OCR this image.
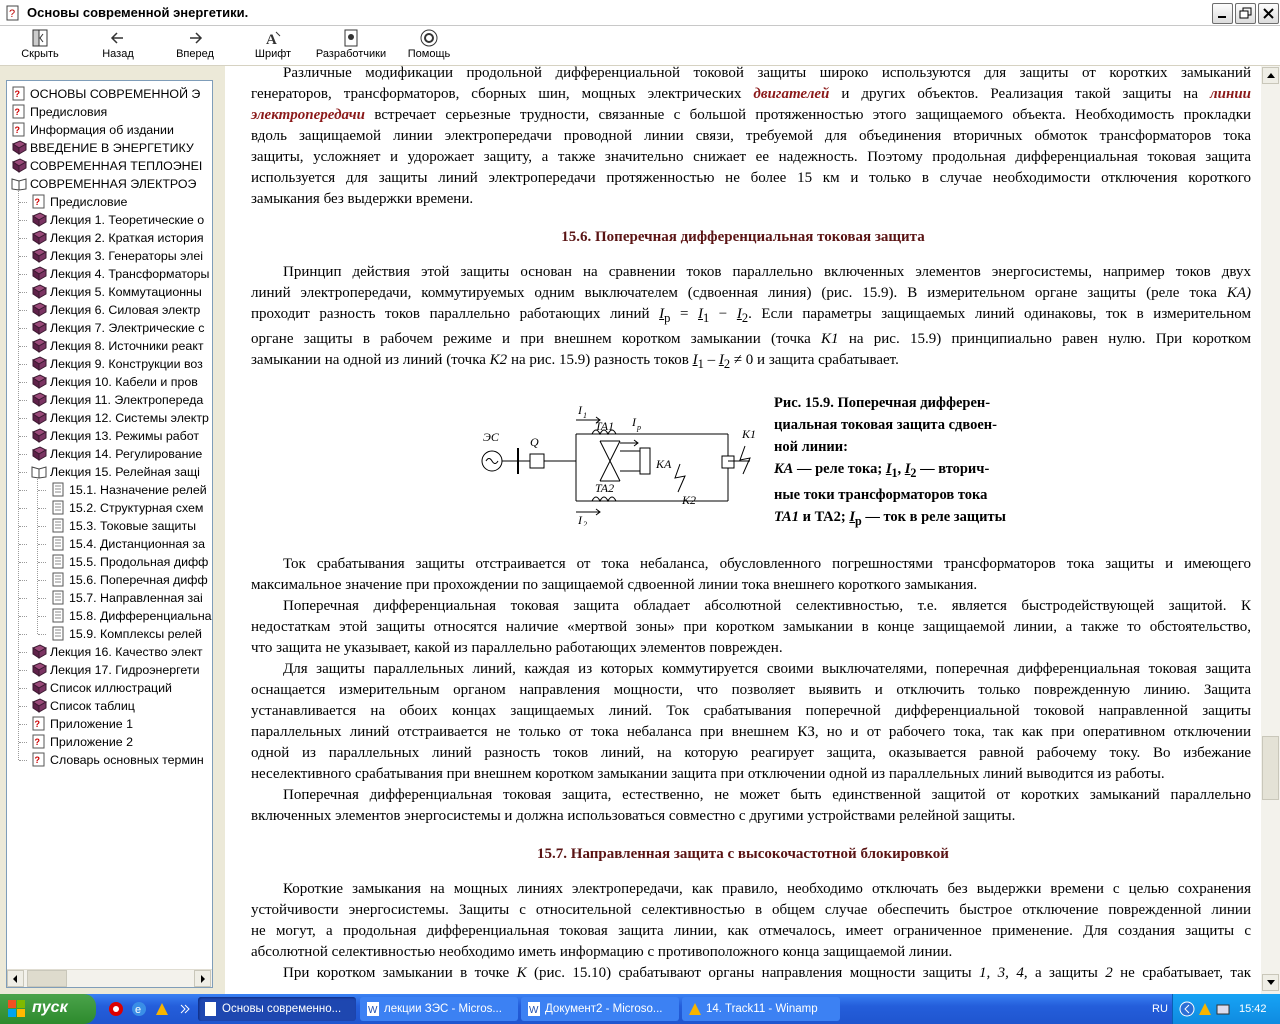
? Основы современной энергетики.
Скрыть	Назад	Вперед
A
Шрифт Разработчики Помощь
? ОСНОВЫ СОВРЕМЕННОЙ Э
? Предисловия
? Информация об издании
ВВЕДЕНИЕ В ЭНЕРГЕТИКУ
СОВРЕМЕННАЯ ТЕПЛОЭНЕІ
СОВРЕМЕННАЯ ЭЛЕКТРОЭ
? Предисловие
Лекция 1. Теоретические о
Лекция 2. Краткая история
Лекция 3. Генераторы элеі
Лекция 4. Трансформаторы
Лекция 5. Коммутационны
Лекция 6. Силовая электр
Лекция 7. Электрические с
Лекция 8. Источники реакт
Лекция 9. Конструкции воз
Лекция 10. Кабели и пров
Лекция 11. Электропереда
Лекция 12. Системы электр
Лекция 13. Режимы работ
Лекция 14. Регулирование
Лекция 15. Релейная защі
15.1. Назначение релей
15.2. Структурная схем
15.3. Токовые защиты
15.4. Дистанционная за
15.5. Продольная дифф
15.6. Поперечная дифф
15.7. Направленная заі
15.8. Дифференциальна
15.9. Комплексы релей
Лекция 16. Качество элект
Лекция 17. Гидроэнергети
Список иллюстраций
Список таблиц
? Приложение 1
? Приложение 2
? Словарь основных термин
Различные модификации продольной дифференциальной токовой защиты широко используются для защиты от коротких замыканий
генераторов, трансформаторов, сборных шин, мощных электрических двигателей и других объектов. Реализация такой защиты на линии
электропередачи встречает серьезные трудности, связанные с большой протяженностью этого защищаемого объекта. Необходимость прокладки
вдоль защищаемой линии электропередачи проводной линии связи, требуемой для объединения вторичных обмоток трансформаторов тока
защиты, усложняет и удорожает защиту, а также значительно снижает ее надежность. Поэтому продольная дифференциальная токовая защита
используется для защиты линий электропередачи протяженностью не более 15 км и только в случае необходимости отключения короткого
замыкания без выдержки времени.
15.6. Поперечная дифференциальная токовая защита
Принцип действия этой защиты основан на сравнении токов параллельно включенных элементов энергосистемы, например токов двух
линий электропередачи, коммутируемых одним выключателем (сдвоенная линия) (рис. 15.9). В измерительном органе защиты (реле тока КА)
проходит разность токов параллельно работающих линий $I_р = I_1 - I_2$. Если параметры защищаемых линий одинаковы, ток в измерительном
органе защиты в рабочем режиме и при внешнем коротком замыкании (точка K1 на рис. 15.9) принципиально равен нулю. При коротком
замыкании на одной из линий (точка K2 на рис. 15.9) разность токов $I_1 - I_2 \ne 0$ и защита срабатывает.
ЭС	Q
I 1
TA1
TA2
KA
I р
I 2
K2
K1
Рис. 15.9. Поперечная дифферен-
циальная токовая защита сдвоен-
ной линии:
KA — реле тока; $I_1$, $I_2$ — вторич-
ные токи трансформаторов тока
TA1 и TA2; $I_р$ — ток в реле защиты
Ток срабатывания защиты отстраивается от тока небаланса, обусловленного погрешностями трансформаторов тока защиты и имеющего
максимальное значение при прохождении по защищаемой сдвоенной линии тока внешнего короткого замыкания.
Поперечная дифференциальная токовая защита обладает абсолютной селективностью, т.е. является быстродействующей защитой. К
недостаткам этой защиты относятся наличие «мертвой зоны» при коротком замыкании в конце защищаемой линии, а также то обстоятельство,
что защита не указывает, какой из параллельно работающих элементов поврежден.
Для защиты параллельных линий, каждая из которых коммутируется своими выключателями, поперечная дифференциальная токовая защита
оснащается измерительным органом направления мощности, что позволяет выявить и отключить только поврежденную линию. Защита
устанавливается на обоих концах защищаемых линий. Ток срабатывания поперечной дифференциальной токовой направленной защиты
параллельных линий отстраивается не только от тока небаланса при внешнем КЗ, но и от рабочего тока, так как при оперативном отключении
одной из параллельных линий разность токов линий, на которую реагирует защита, оказывается равной рабочему току. Во избежание
неселективного срабатывания при внешнем коротком замыкании защита при отключении одной из параллельных линий выводится из работы.
Поперечная дифференциальная токовая защита, естественно, не может быть единственной защитой от коротких замыканий параллельно
включенных элементов энергосистемы и должна использоваться совместно с другими устройствами релейной защиты.
15.7. Направленная защита с высокочастотной блокировкой
Короткие замыкания на мощных линиях электропередачи, как правило, необходимо отключать без выдержки времени с целью сохранения
устойчивости энергосистемы. Защиты с относительной селективностью в общем случае обеспечить быстрое отключение поврежденной линии
не могут, а продольная дифференциальная токовая защита линии, как отмечалось, имеет ограниченное применение. Для создания защиты с
абсолютной селективностью необходимо иметь информацию с противоположного конца защищаемой линии.
При коротком замыкании в точке K (рис. 15.10) срабатывают органы направления мощности защиты 1, 3, 4, а защиты 2 не срабатывает, так
пуск	e	Основы современно...	W лекции ЗЭС - Micros...	W Документ2 - Microso...	14. Track11 - Winamp	RU	15:42
